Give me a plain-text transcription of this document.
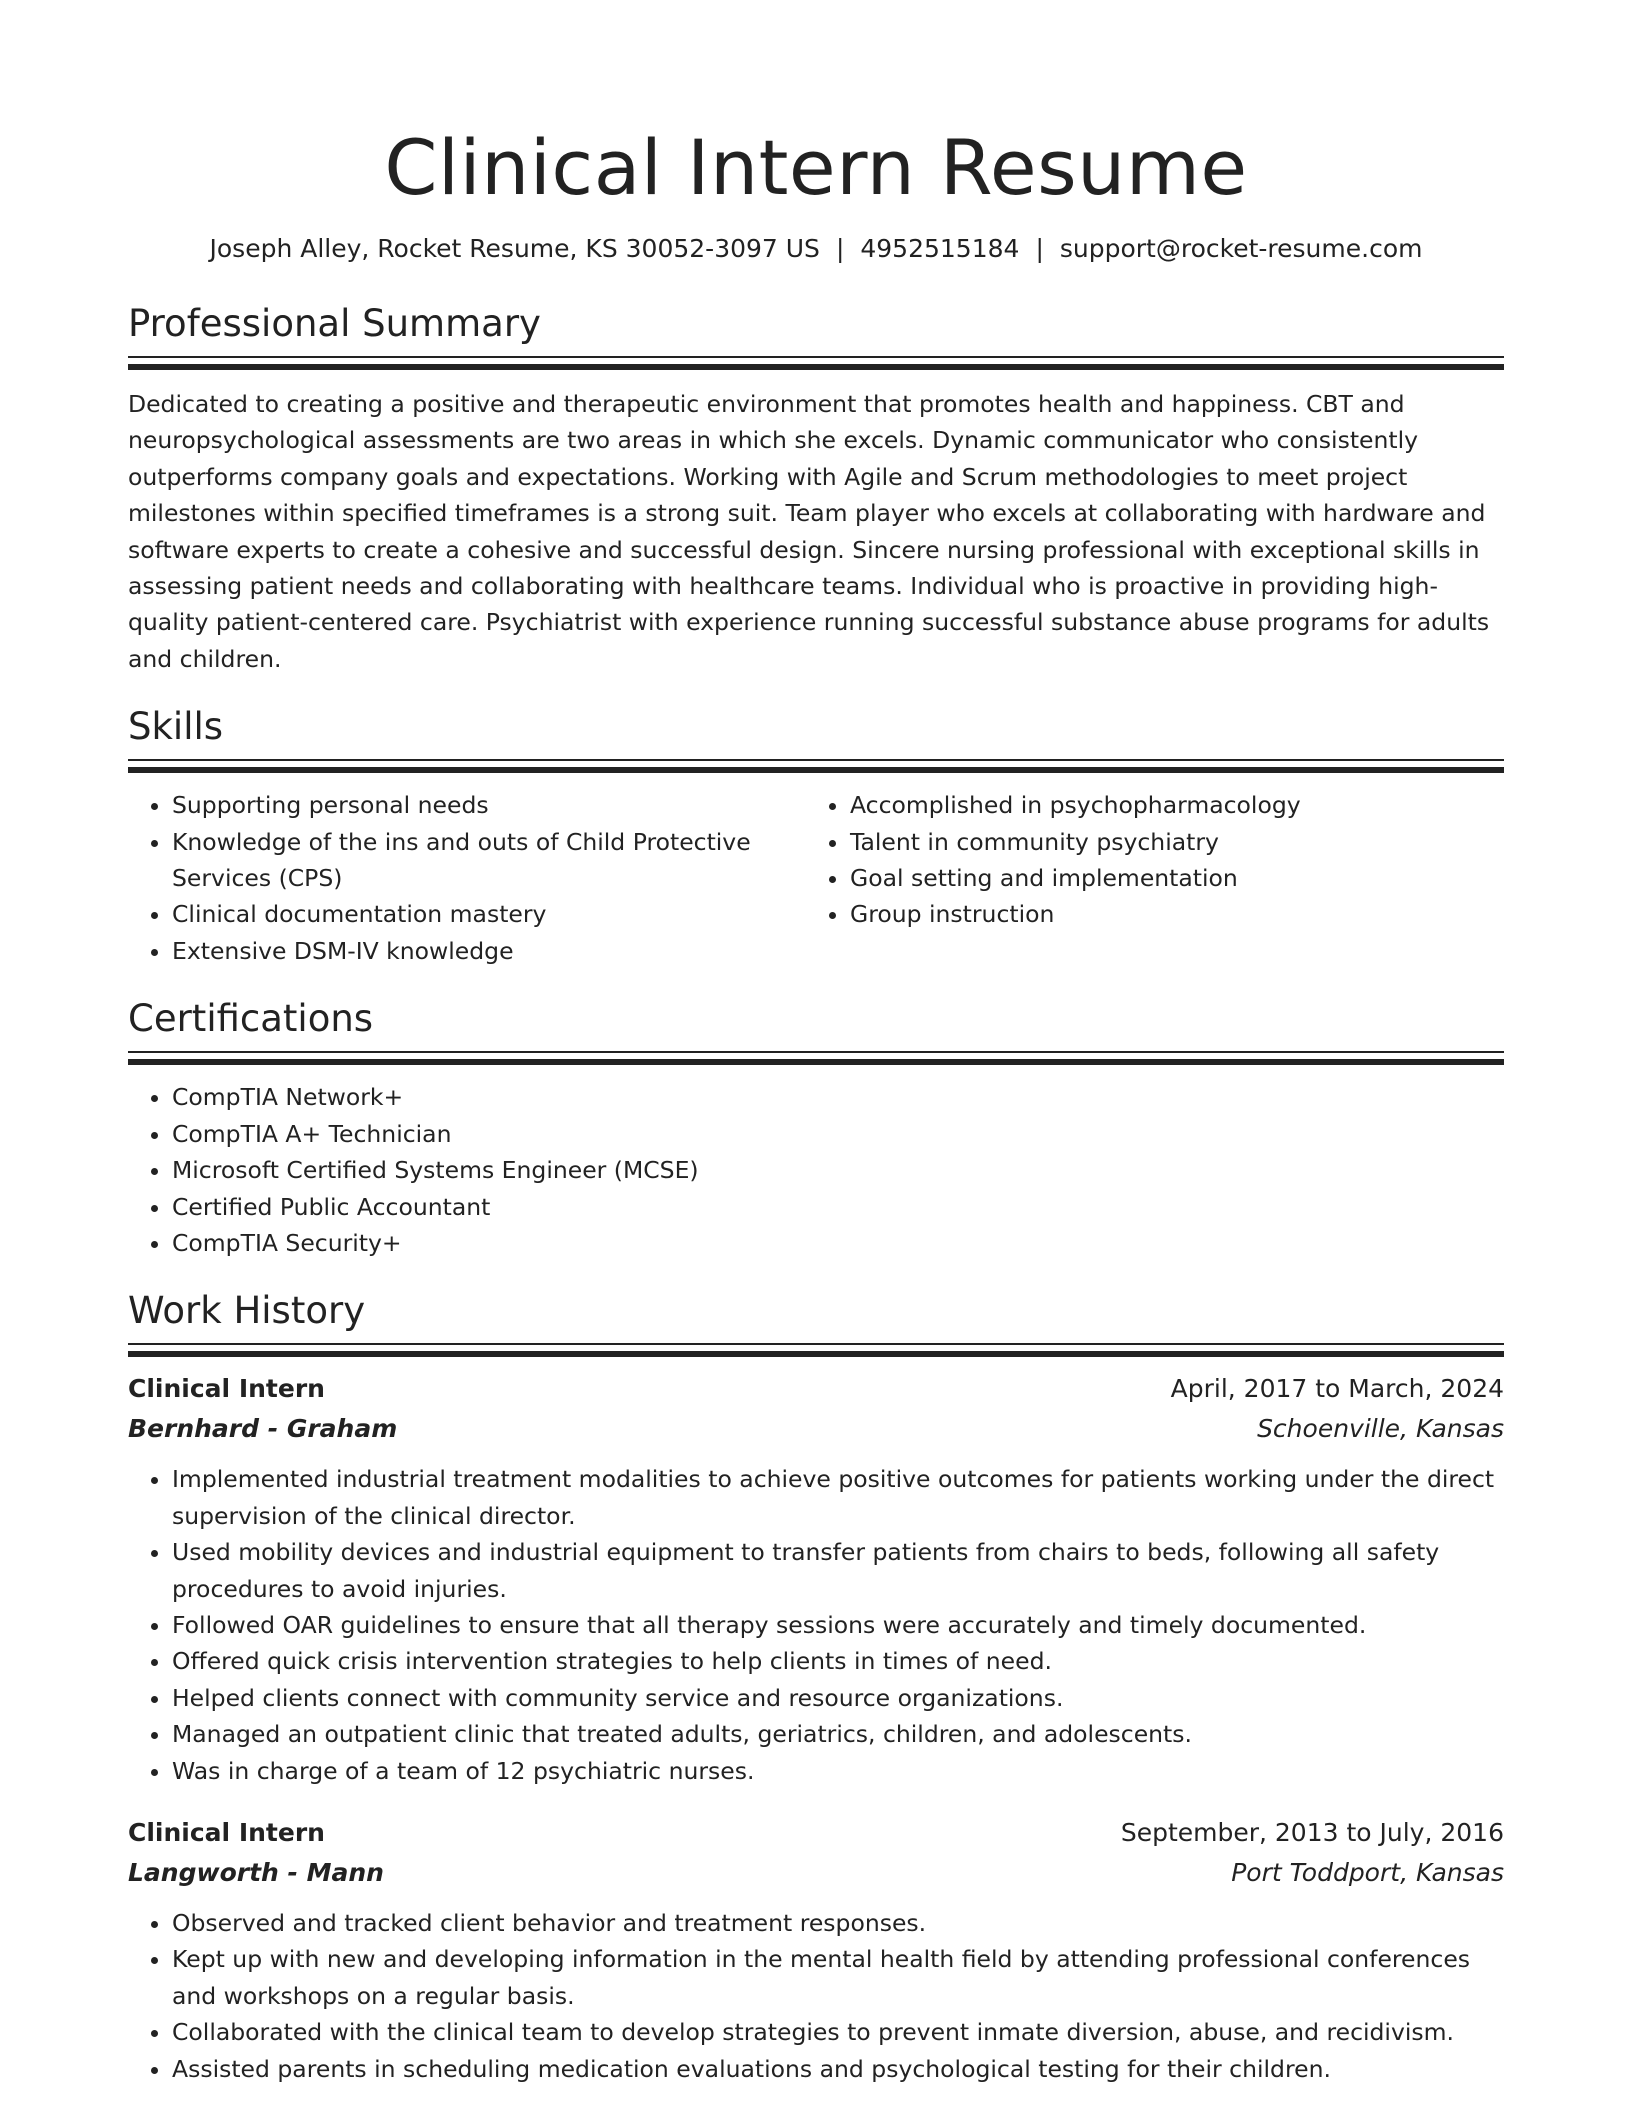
Clinical Intern Resume
Joseph Alley, Rocket Resume, KS 30052-3097 US | 4952515184 | support@rocket-resume.com
Professional Summary

Dedicated to creating a positive and therapeutic environment that promotes health and happiness. CBT and neuropsychological assessments are two areas in which she excels. Dynamic communicator who consistently outperforms company goals and expectations. Working with Agile and Scrum methodologies to meet project milestones within specified timeframes is a strong suit. Team player who excels at collaborating with hardware and software experts to create a cohesive and successful design. Sincere nursing professional with exceptional skills in assessing patient needs and collaborating with healthcare teams. Individual who is proactive in providing high-quality patient-centered care. Psychiatrist with experience running successful substance abuse programs for adults and children.

Skills
• Supporting personal needs
• Knowledge of the ins and outs of Child Protective Services (CPS)
• Clinical documentation mastery
• Extensive DSM-IV knowledge
• Accomplished in psychopharmacology
• Talent in community psychiatry
• Goal setting and implementation
• Group instruction
Certifications
• CompTIA Network+
• CompTIA A+ Technician
• Microsoft Certified Systems Engineer (MCSE)
• Certified Public Accountant
• CompTIA Security+
Work History
Clinical Intern	April, 2017 to March, 2024
Bernhard - Graham	Schoenville, Kansas
• Implemented industrial treatment modalities to achieve positive outcomes for patients working under the direct supervision of the clinical director.
• Used mobility devices and industrial equipment to transfer patients from chairs to beds, following all safety procedures to avoid injuries.
• Followed OAR guidelines to ensure that all therapy sessions were accurately and timely documented.
• Offered quick crisis intervention strategies to help clients in times of need.
• Helped clients connect with community service and resource organizations.
• Managed an outpatient clinic that treated adults, geriatrics, children, and adolescents.
• Was in charge of a team of 12 psychiatric nurses.
Clinical Intern	September, 2013 to July, 2016
Langworth - Mann	Port Toddport, Kansas
• Observed and tracked client behavior and treatment responses.
• Kept up with new and developing information in the mental health field by attending professional conferences and workshops on a regular basis.
• Collaborated with the clinical team to develop strategies to prevent inmate diversion, abuse, and recidivism.
• Assisted parents in scheduling medication evaluations and psychological testing for their children.
